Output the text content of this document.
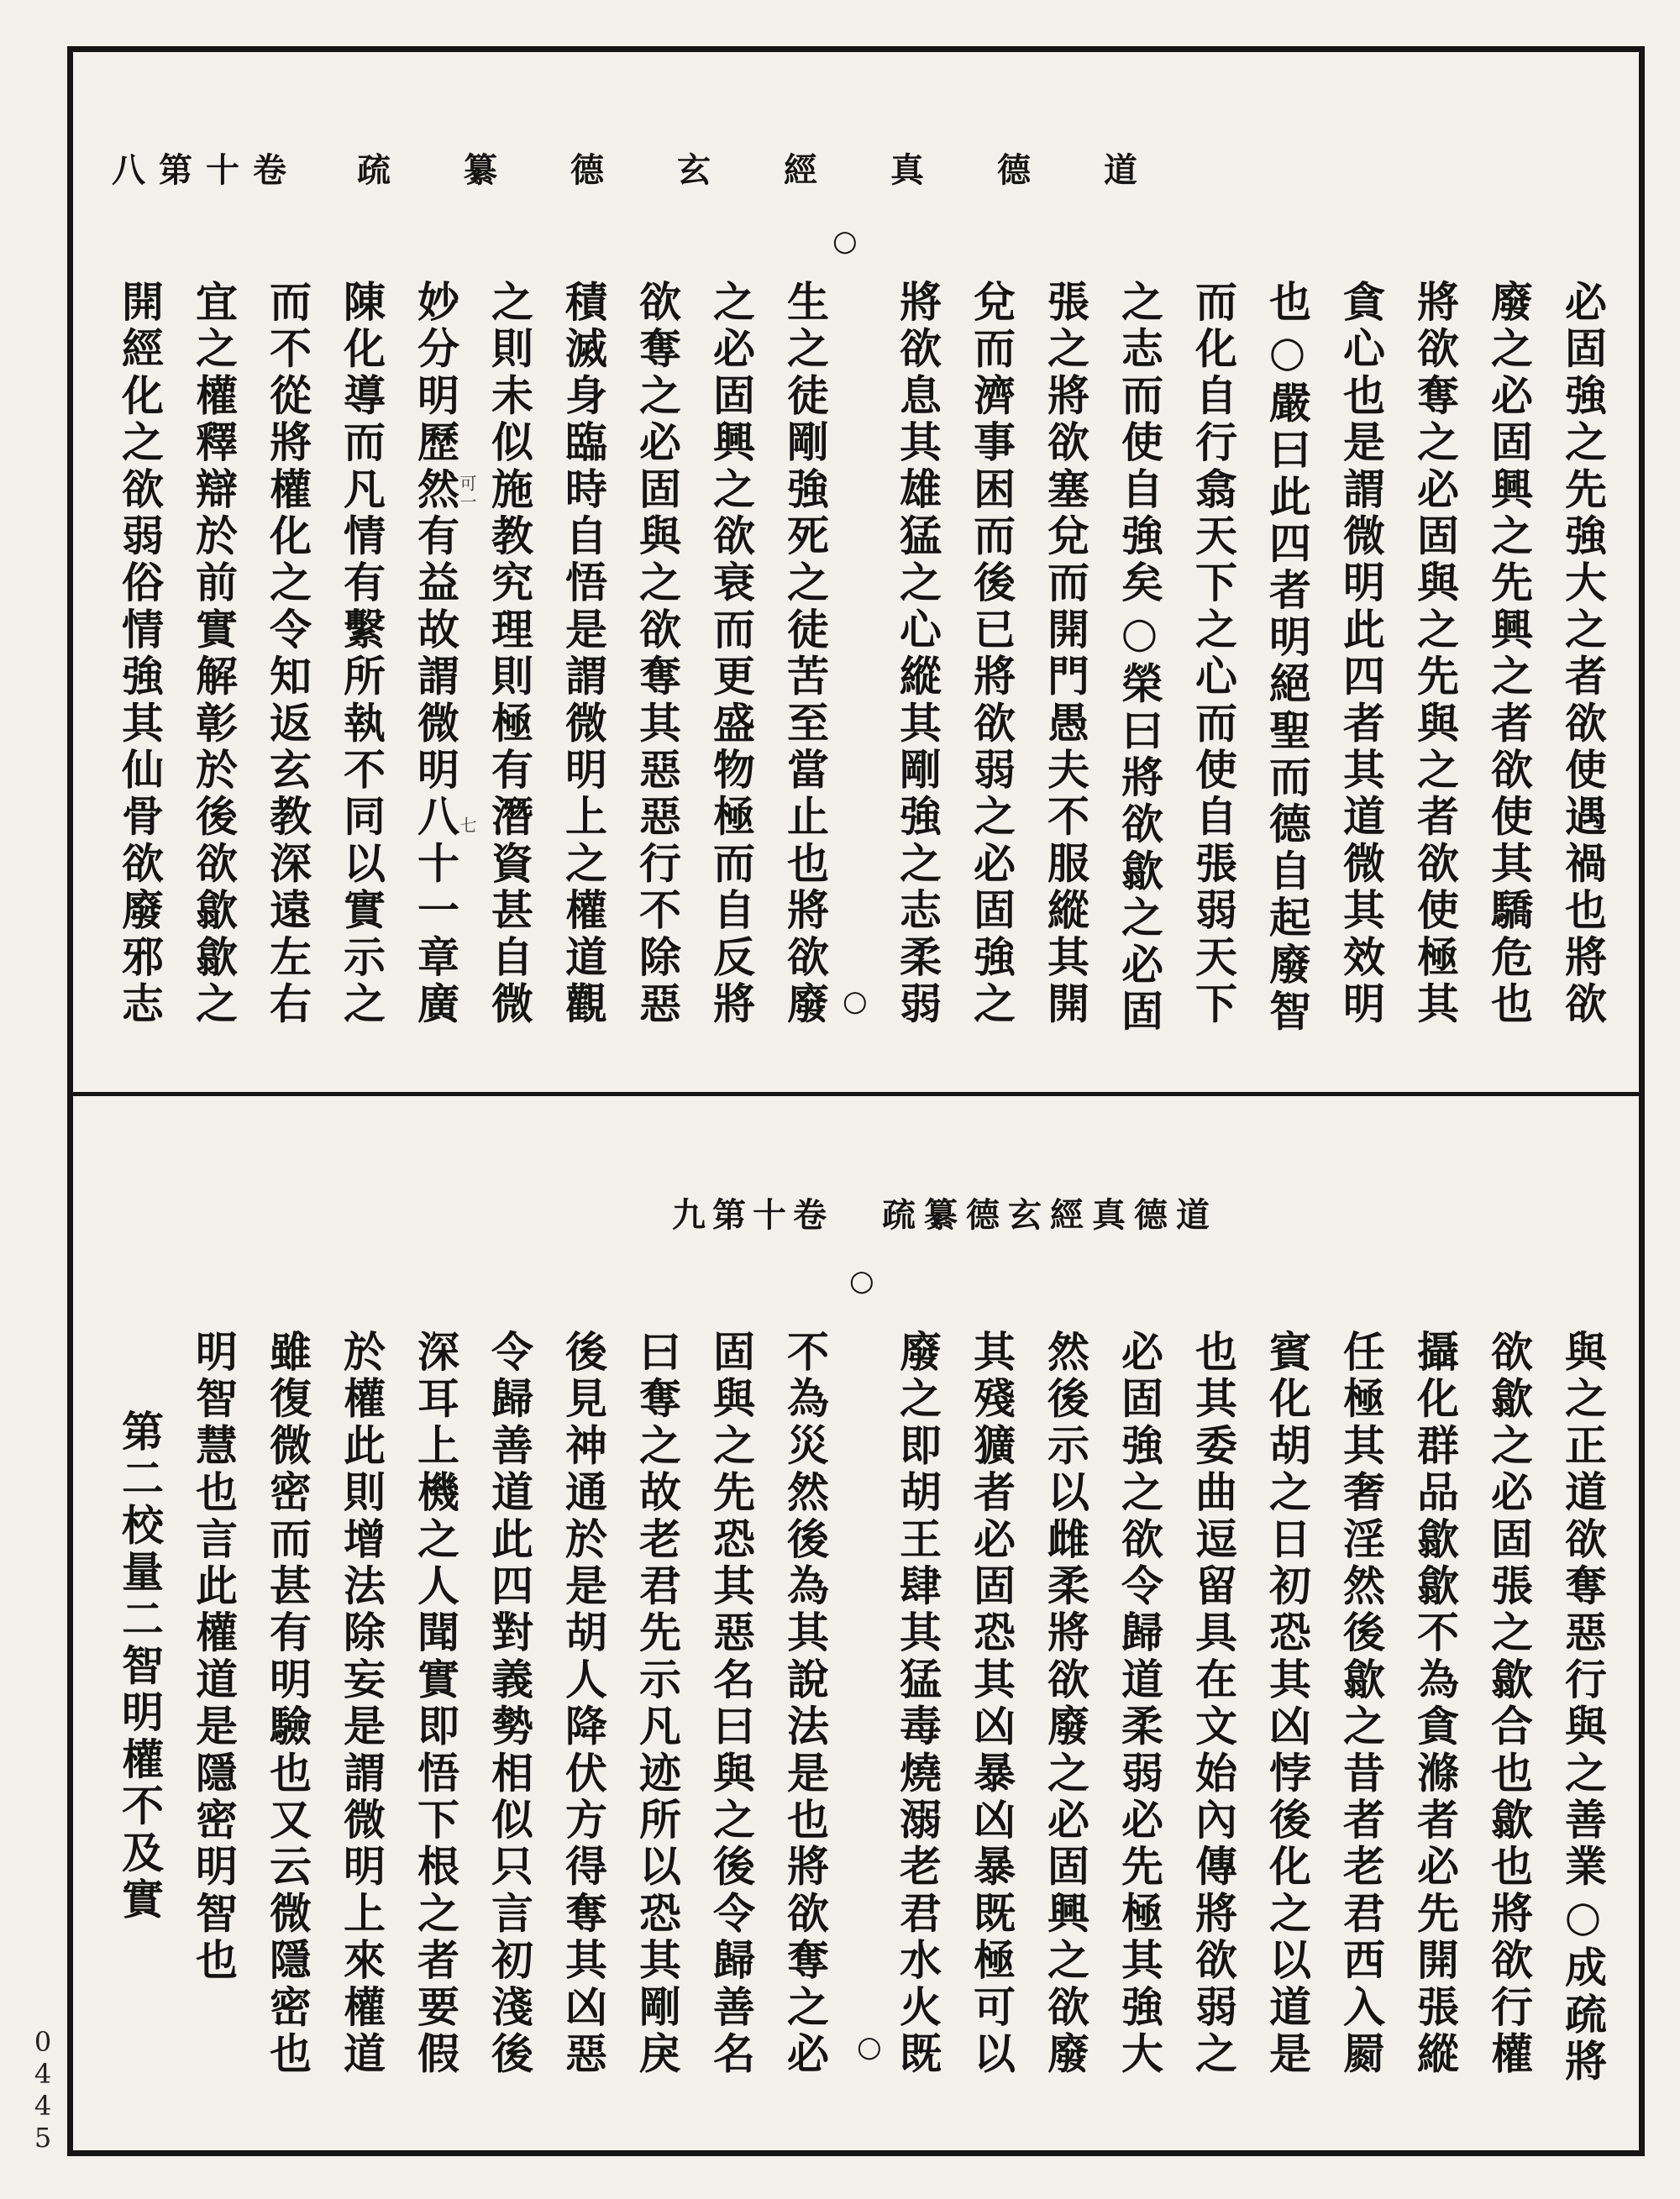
0445
八第十卷 疏纂德玄經真德道
○
○
可一
七	必固強之先強大之者欲使遇禍也將欲
廢之必固興之先興之者欲使其驕危也
將欲奪之必固與之先與之者欲使極其
貪心也是謂微明此四者其道微其效明
也○嚴曰此四者明絕聖而德自起廢智
而化自行翕天下之心而使自張弱天下
之志而使自強矣○榮曰將欲歙之必固
張之將欲塞兌而開門愚夫不服縱其開
兌而濟事困而後已將欲弱之必固強之
將欲息其雄猛之心縱其剛強之志柔弱
生之徒剛強死之徒苦至當止也將欲廢
之必固興之欲衰而更盛物極而自反將
欲奪之必固與之欲奪其惡惡行不除惡
積滅身臨時自悟是謂微明上之權道觀
之則未似施教究理則極有潛資甚自微
妙分明歷然有益故謂微明八十一章廣
陳化導而凡情有繫所執不同以實示之
而不從將權化之令知返玄教深遠左右
宜之權釋辯於前實解彰於後欲歙歙之
開經化之欲弱俗情強其仙骨欲廢邪志
九第十卷 疏纂德玄經真德道
○
○	與之正道欲奪惡行與之善業○成疏將
欲歙之必固張之歙合也歙也將欲行權
攝化群品歙歙不為貪滌者必先開張縱
任極其奢淫然後歙之昔者老君西入罽
賓化胡之日初恐其凶悖後化之以道是
也其委曲逗留具在文始內傳將欲弱之
必固強之欲令歸道柔弱必先極其強大
然後示以雌柔將欲廢之必固興之欲廢
其殘獷者必固恐其凶暴凶暴既極可以
廢之即胡王肆其猛毒燒溺老君水火既
不為災然後為其說法是也將欲奪之必
固與之先恐其惡名曰與之後令歸善名
曰奪之故老君先示凡迹所以恐其剛戾
後見神通於是胡人降伏方得奪其凶惡
令歸善道此四對義勢相似只言初淺後
深耳上機之人聞實即悟下根之者要假
於權此則增法除妄是謂微明上來權道
雖復微密而甚有明驗也又云微隱密也
明智慧也言此權道是隱密明智也
第二校量二智明權不及實
